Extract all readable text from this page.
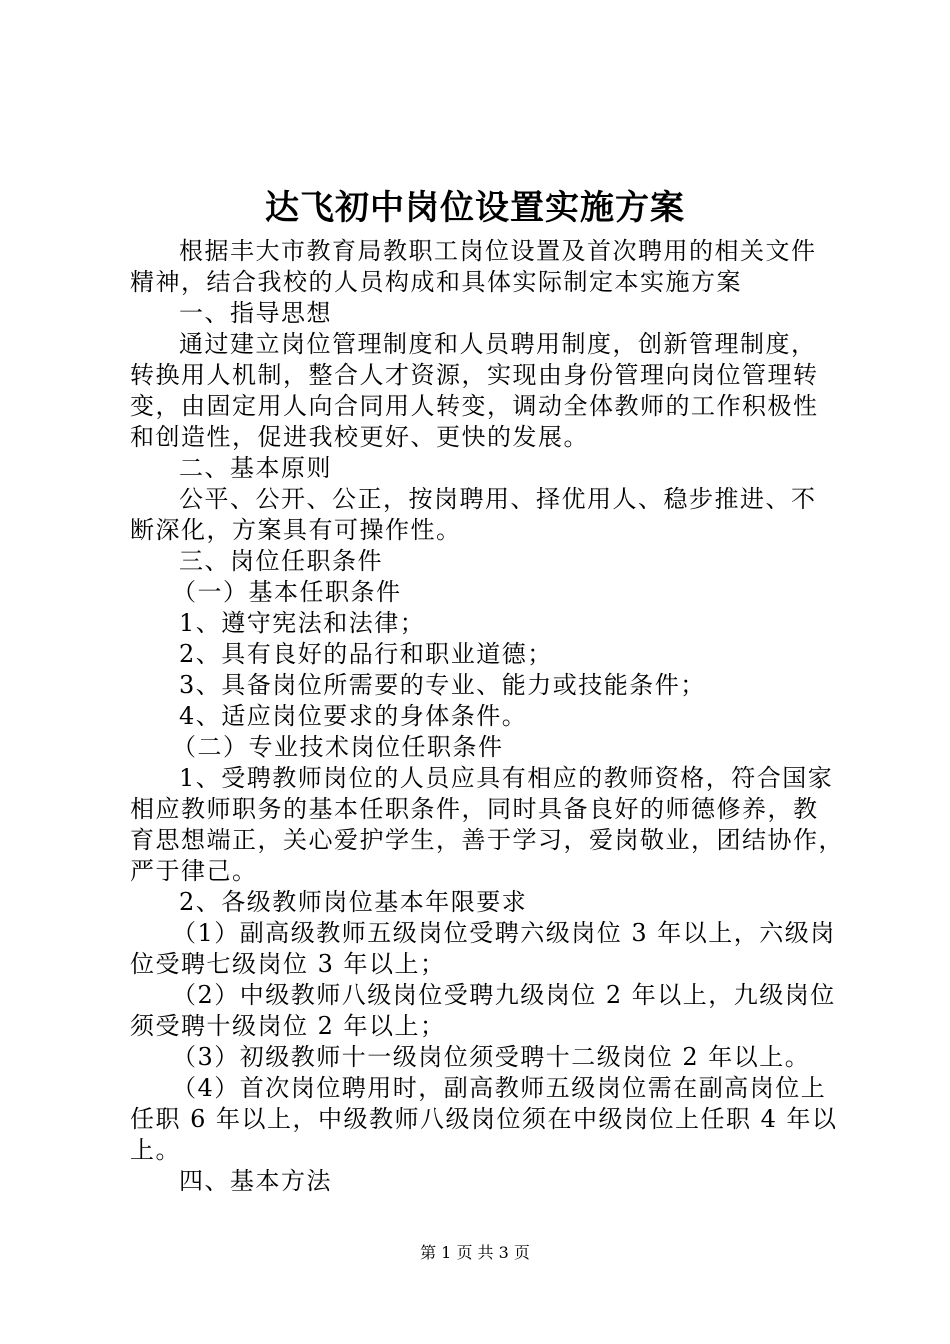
达飞初中岗位设置实施方案

根据丰大市教育局教职工岗位设置及首次聘用的相关文件

精神，结合我校的人员构成和具体实际制定本实施方案

一、指导思想

通过建立岗位管理制度和人员聘用制度，创新管理制度，

转换用人机制，整合人才资源，实现由身份管理向岗位管理转

变，由固定用人向合同用人转变，调动全体教师的工作积极性

和创造性，促进我校更好、更快的发展。

二、基本原则

公平、公开、公正，按岗聘用、择优用人、稳步推进、不

断深化，方案具有可操作性。

三、岗位任职条件

（一）基本任职条件

1、遵守宪法和法律；

2、具有良好的品行和职业道德；

3、具备岗位所需要的专业、能力或技能条件；

4、适应岗位要求的身体条件。

（二）专业技术岗位任职条件

1、受聘教师岗位的人员应具有相应的教师资格，符合国家

相应教师职务的基本任职条件，同时具备良好的师德修养，教

育思想端正，关心爱护学生，善于学习，爱岗敬业，团结协作，

严于律己。

2、各级教师岗位基本年限要求

（1）副高级教师五级岗位受聘六级岗位 3 年以上，六级岗

位受聘七级岗位 3 年以上；

（2）中级教师八级岗位受聘九级岗位 2 年以上，九级岗位

须受聘十级岗位 2 年以上；

（3）初级教师十一级岗位须受聘十二级岗位 2 年以上。

（4）首次岗位聘用时，副高教师五级岗位需在副高岗位上

任职 6 年以上，中级教师八级岗位须在中级岗位上任职 4 年以

上。

四、基本方法

第 1 页 共 3 页
